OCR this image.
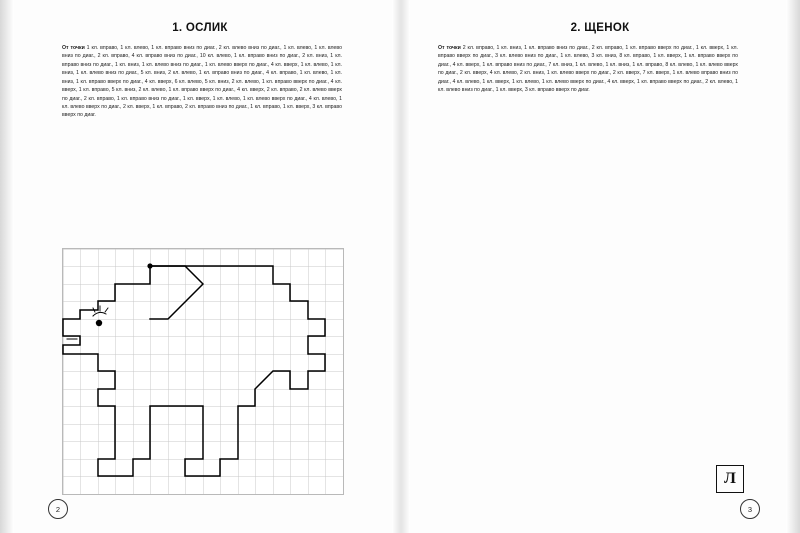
1. ОСЛИК
От точки 1 кл. вправо, 1 кл. влево, 1 кл. вправо вниз по диаг., 2 кл. влево вниз по диаг., 1 кл. влево, 1 кл. влево вниз по диаг., 2 кл. вправо, 4 кл. вправо вниз по диаг., 10 кл. влево, 1 кл. вправо вниз по диаг., 2 кл. вниз, 1 кл. вправо вниз по диаг., 1 кл. вниз, 1 кл. влево вниз по диаг., 1 кл. влево вверх по диаг., 4 кл. вверх, 1 кл. влево, 1 кл. вниз, 1 кл. влево вниз по диаг., 5 кл. вниз, 2 кл. влево, 1 кл. вправо вниз по диаг., 4 кл. вправо, 1 кл. влево, 1 кл. вниз, 1 кл. вправо вверх по диаг., 4 кл. вверх, 6 кл. влево, 5 кл. вниз, 2 кл. влево, 1 кл. вправо вверх по диаг., 4 кл. вверх, 1 кл. вправо, 5 кл. вниз, 2 кл. влево, 1 кл. вправо вверх по диаг., 4 кл. вверх, 2 кл. вправо, 2 кл. влево вверх по диаг., 2 кл. вправо, 1 кл. вправо вниз по диаг., 1 кл. вверх, 1 кл. влево, 1 кл. влево вверх по диаг., 4 кл. влево, 1 кл. влево вверх по диаг., 2 кл. вверх, 1 кл. вправо, 2 кл. вправо вниз по диаг., 1 кл. вправо, 1 кл. вверх, 3 кл. вправо вверх по диаг.
2
2. ЩЕНОК
От точки 2 кл. вправо, 1 кл. вниз, 1 кл. вправо вниз по диаг., 2 кл. вправо, 1 кл. вправо вверх по диаг., 1 кл. вверх, 1 кл. вправо вверх по диаг., 3 кл. влево вниз по диаг., 1 кл. влево, 3 кл. вниз, 8 кл. вправо, 1 кл. вверх, 1 кл. вправо вверх по диаг., 4 кл. вверх, 1 кл. вправо вниз по диаг., 7 кл. вниз, 1 кл. влево, 1 кл. вниз, 1 кл. вправо, 8 кл. влево, 1 кл. влево вверх по диаг., 2 кл. вверх, 4 кл. влево, 2 кл. вниз, 1 кл. влево вверх по диаг., 2 кл. вверх, 7 кл. вверх, 1 кл. влево вправо вниз по диаг., 4 кл. влево, 1 кл. вверх, 1 кл. влево, 1 кл. влево вверх по диаг., 4 кл. вверх, 1 кл. вправо вверх по диаг., 2 кл. влево, 1 кл. влево вниз по диаг., 1 кл. вверх, 3 кл. вправо вверх по диаг.
Л
3
